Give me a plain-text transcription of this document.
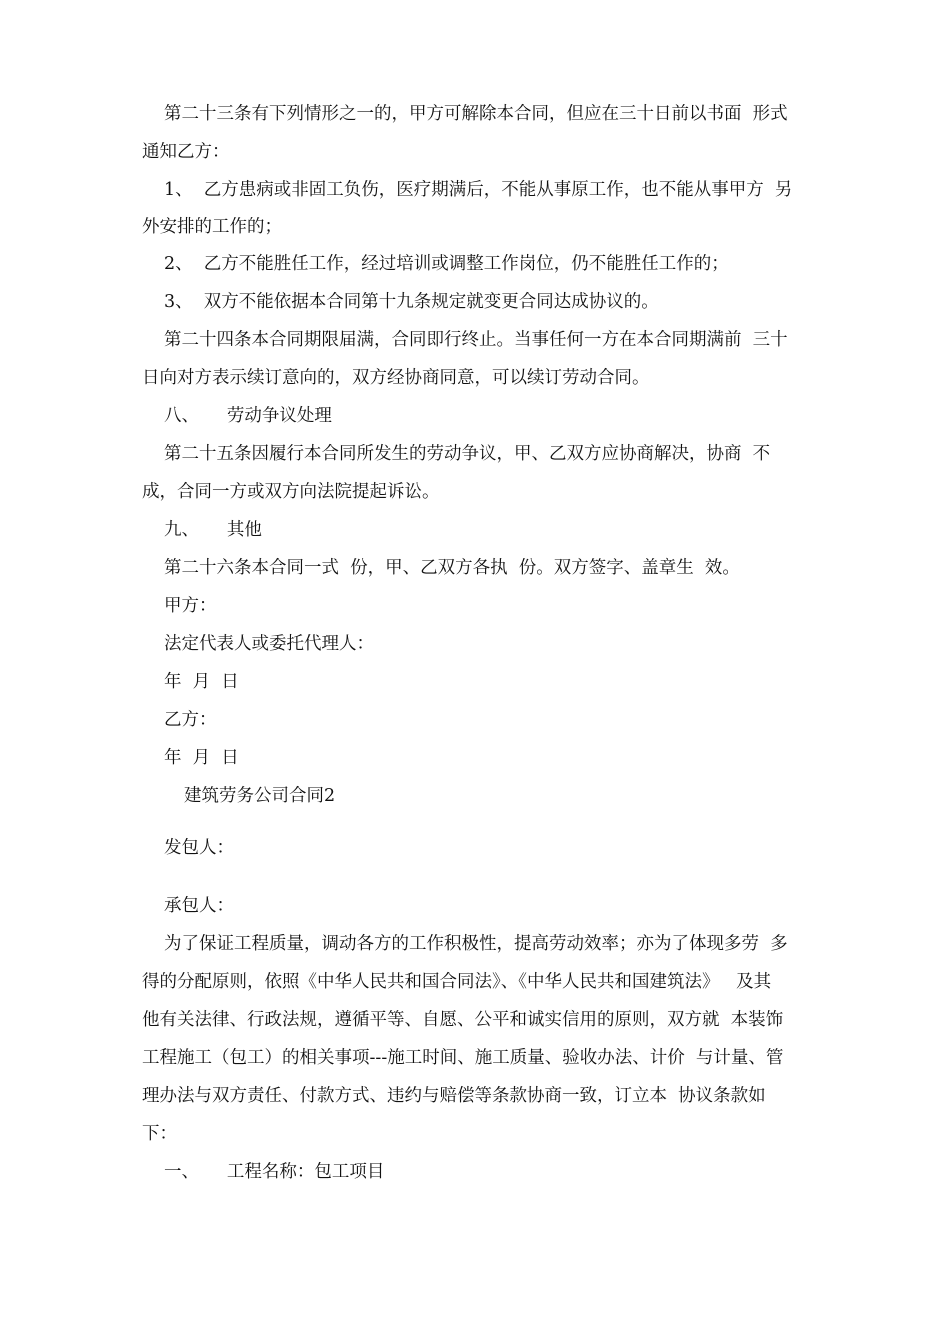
第二十三条有下列情形之一的，甲方可解除本合同，但应在三十日前以书面  形式
通知乙方：
1、  乙方患病或非固工负伤，医疗期满后，不能从事原工作，也不能从事甲方  另
外安排的工作的；
2、  乙方不能胜任工作，经过培训或调整工作岗位，仍不能胜任工作的；
3、  双方不能依据本合同第十九条规定就变更合同达成协议的。
第二十四条本合同期限届满，合同即行终止。当事任何一方在本合同期满前  三十
日向对方表示续订意向的，双方经协商同意，可以续订劳动合同。
八、     劳动争议处理
第二十五条因履行本合同所发生的劳动争议，甲、乙双方应协商解决，协商  不
成，合同一方或双方向法院提起诉讼。
九、     其他
第二十六条本合同一式  份，甲、乙双方各执  份。双方签字、盖章生  效。
甲方：
法定代表人或委托代理人：
年  月  日
乙方：
年  月  日
建筑劳务公司合同2
发包人：
承包人：
为了保证工程质量，调动各方的工作积极性，提高劳动效率；亦为了体现多劳  多
得的分配原则，依照《中华人民共和国合同法》、《中华人民共和国建筑法》   及其
他有关法律、行政法规，遵循平等、自愿、公平和诚实信用的原则，双方就  本装饰
工程施工（包工）的相关事项---施工时间、施工质量、验收办法、计价  与计量、管
理办法与双方责任、付款方式、违约与赔偿等条款协商一致，订立本  协议条款如
下：
一、     工程名称：包工项目
